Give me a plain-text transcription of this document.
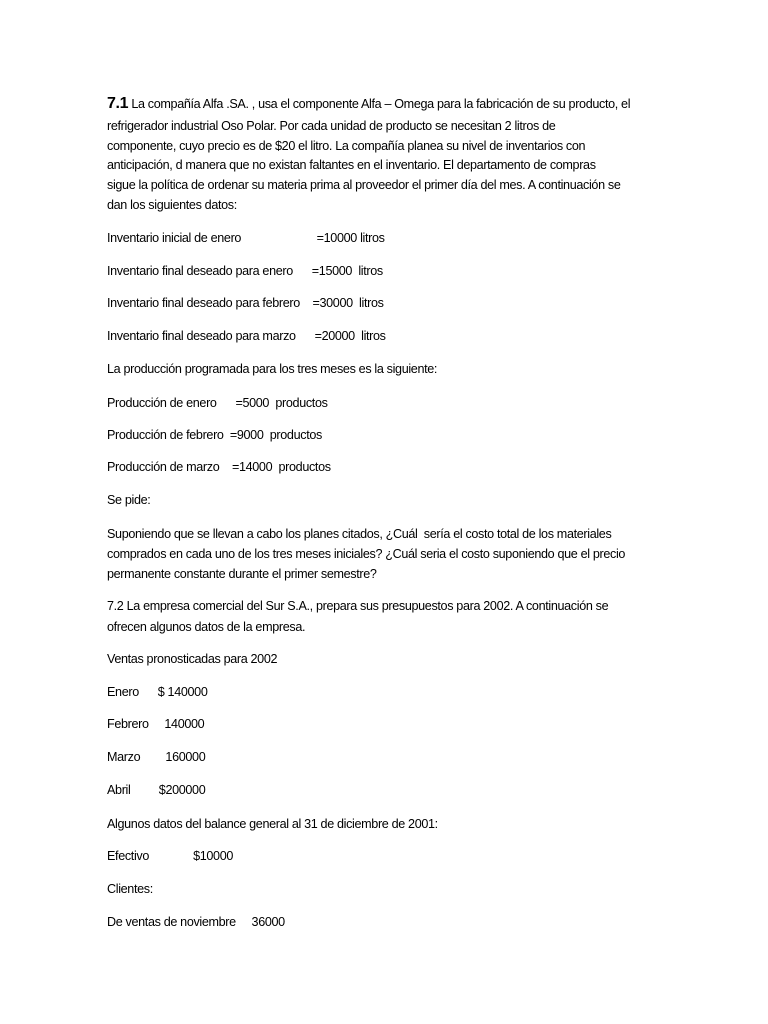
7.1 La compañía Alfa .SA. , usa el componente Alfa – Omega para la fabricación de su producto, el
refrigerador industrial Oso Polar. Por cada unidad de producto se necesitan 2 litros de
componente, cuyo precio es de $20 el litro. La compañía planea su nivel de inventarios con
anticipación, d manera que no existan faltantes en el inventario. El departamento de compras
sigue la política de ordenar su materia prima al proveedor el primer día del mes. A continuación se
dan los siguientes datos:
Inventario inicial de enero                        =10000 litros
Inventario final deseado para enero      =15000  litros
Inventario final deseado para febrero    =30000  litros
Inventario final deseado para marzo      =20000  litros
La producción programada para los tres meses es la siguiente:
Producción de enero      =5000  productos
Producción de febrero  =9000  productos
Producción de marzo    =14000  productos
Se pide:
Suponiendo que se llevan a cabo los planes citados, ¿Cuál  sería el costo total de los materiales
comprados en cada uno de los tres meses iniciales? ¿Cuál seria el costo suponiendo que el precio
permanente constante durante el primer semestre?
7.2 La empresa comercial del Sur S.A., prepara sus presupuestos para 2002. A continuación se
ofrecen algunos datos de la empresa.
Ventas pronosticadas para 2002
Enero      $ 140000
Febrero     140000
Marzo        160000
Abril         $200000
Algunos datos del balance general al 31 de diciembre de 2001:
Efectivo              $10000
Clientes:
De ventas de noviembre     36000
